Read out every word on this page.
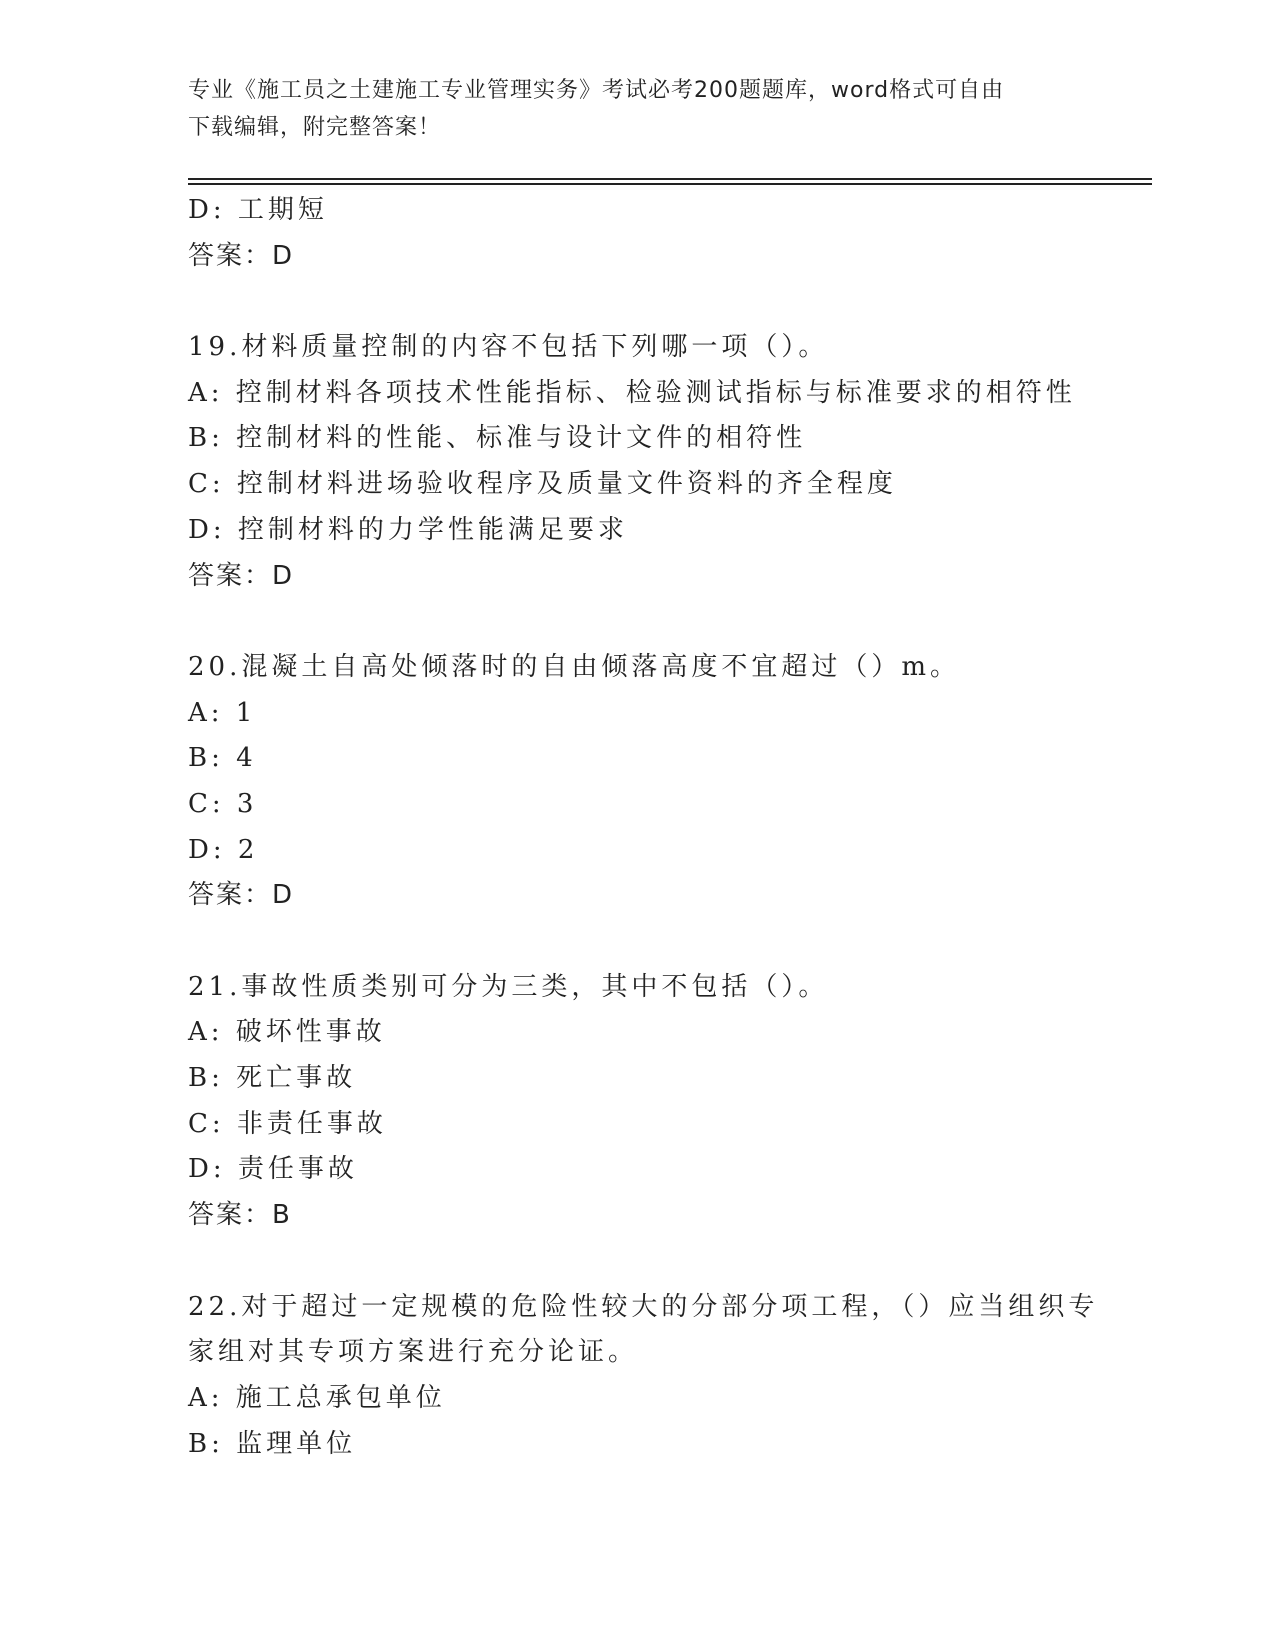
专业《施工员之土建施工专业管理实务》考试必考200题题库，word格式可自由
下载编辑，附完整答案！
D: 工期短
答案：D
19.材料质量控制的内容不包括下列哪一项（）。
A: 控制材料各项技术性能指标、检验测试指标与标准要求的相符性
B: 控制材料的性能、标准与设计文件的相符性
C: 控制材料进场验收程序及质量文件资料的齐全程度
D: 控制材料的力学性能满足要求
答案：D
20.混凝土自高处倾落时的自由倾落高度不宜超过（）m。
A: 1
B: 4
C: 3
D: 2
答案：D
21.事故性质类别可分为三类，其中不包括（）。
A: 破坏性事故
B: 死亡事故
C: 非责任事故
D: 责任事故
答案：B
22.对于超过一定规模的危险性较大的分部分项工程，（）应当组织专
家组对其专项方案进行充分论证。
A: 施工总承包单位
B: 监理单位
